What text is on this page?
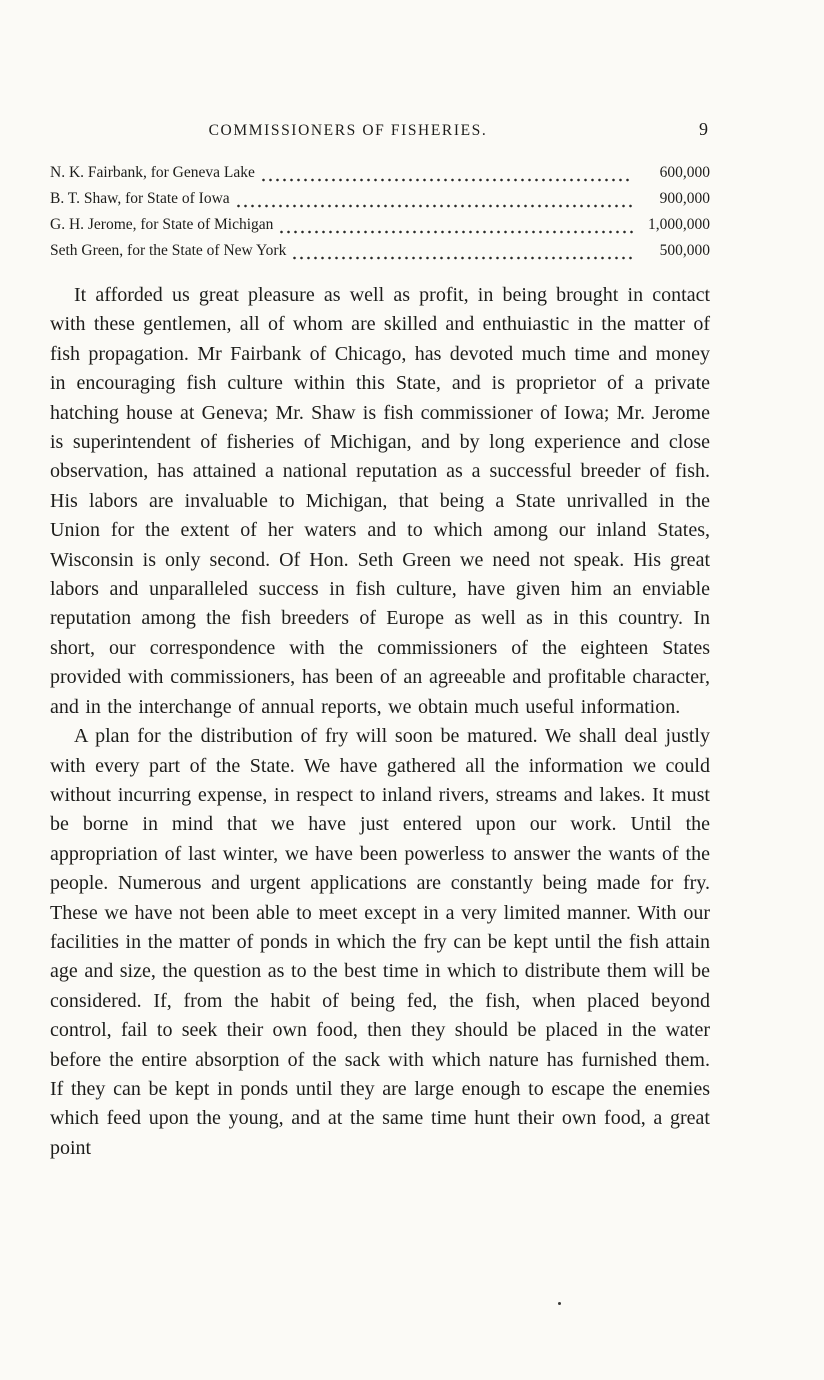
COMMISSIONERS OF FISHERIES.	9
N. K. Fairbank, for Geneva Lake	600,000
B. T. Shaw, for State of Iowa	900,000
G. H. Jerome, for State of Michigan	1,000,000
Seth Green, for the State of New York	500,000

It afforded us great pleasure as well as profit, in being brought in contact with these gentlemen, all of whom are skilled and enthuiastic in the matter of fish propagation. Mr Fairbank of Chicago, has devoted much time and money in encouraging fish culture within this State, and is proprietor of a private hatching house at Geneva; Mr. Shaw is fish commissioner of Iowa; Mr. Jerome is superintendent of fisheries of Michigan, and by long experience and close observation, has attained a national reputation as a successful breeder of fish. His labors are invaluable to Michigan, that being a State unrivalled in the Union for the extent of her waters and to which among our inland States, Wisconsin is only second. Of Hon. Seth Green we need not speak. His great labors and unparalleled success in fish culture, have given him an enviable reputation among the fish breeders of Europe as well as in this country. In short, our correspondence with the commissioners of the eighteen States provided with commissioners, has been of an agreeable and profitable character, and in the interchange of annual reports, we obtain much useful information.

A plan for the distribution of fry will soon be matured. We shall deal justly with every part of the State. We have gathered all the information we could without incurring expense, in respect to inland rivers, streams and lakes. It must be borne in mind that we have just entered upon our work. Until the appropriation of last winter, we have been powerless to answer the wants of the people. Numerous and urgent applications are constantly being made for fry. These we have not been able to meet except in a very limited manner. With our facilities in the matter of ponds in which the fry can be kept until the fish attain age and size, the question as to the best time in which to distribute them will be considered. If, from the habit of being fed, the fish, when placed beyond control, fail to seek their own food, then they should be placed in the water before the entire absorption of the sack with which nature has furnished them. If they can be kept in ponds until they are large enough to escape the enemies which feed upon the young, and at the same time hunt their own food, a great point
